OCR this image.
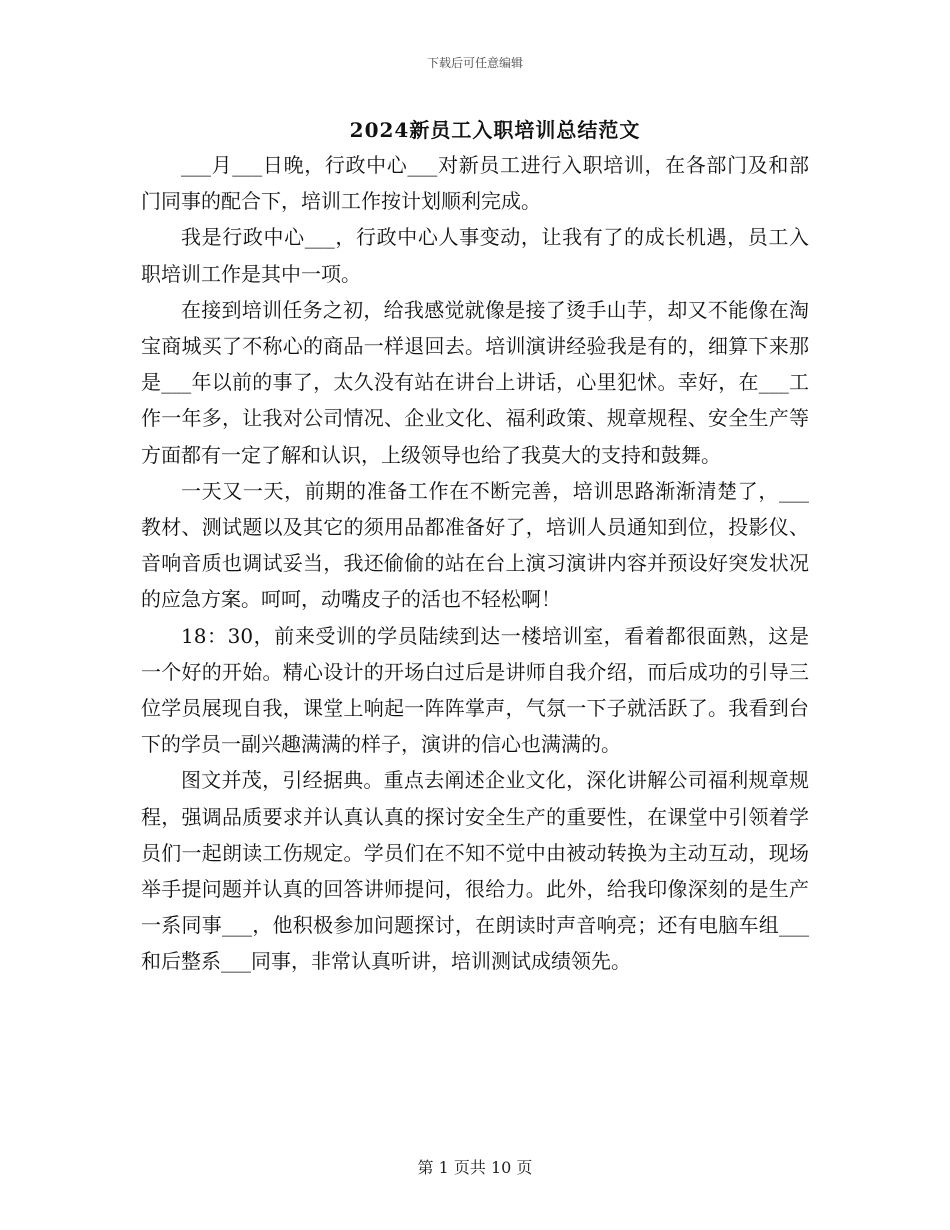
下载后可任意编辑
2024新员工入职培训总结范文

___月___日晚，行政中心___对新员工进行入职培训，在各部门及和部门同事的配合下，培训工作按计划顺利完成。

我是行政中心___，行政中心人事变动，让我有了的成长机遇，员工入职培训工作是其中一项。

在接到培训任务之初，给我感觉就像是接了烫手山芋，却又不能像在淘宝商城买了不称心的商品一样退回去。培训演讲经验我是有的，细算下来那是___年以前的事了，太久没有站在讲台上讲话，心里犯怵。幸好，在___工作一年多，让我对公司情况、企业文化、福利政策、规章规程、安全生产等方面都有一定了解和认识，上级领导也给了我莫大的支持和鼓舞。

一天又一天，前期的准备工作在不断完善，培训思路渐渐清楚了，___教材、测试题以及其它的须用品都准备好了，培训人员通知到位，投影仪、音响音质也调试妥当，我还偷偷的站在台上演习演讲内容并预设好突发状况的应急方案。呵呵，动嘴皮子的活也不轻松啊！

18：30，前来受训的学员陆续到达一楼培训室，看着都很面熟，这是一个好的开始。精心设计的开场白过后是讲师自我介绍，而后成功的引导三位学员展现自我，课堂上响起一阵阵掌声，气氛一下子就活跃了。我看到台下的学员一副兴趣满满的样子，演讲的信心也满满的。

图文并茂，引经据典。重点去阐述企业文化，深化讲解公司福利规章规程，强调品质要求并认真认真的探讨安全生产的重要性，在课堂中引领着学员们一起朗读工伤规定。学员们在不知不觉中由被动转换为主动互动，现场举手提问题并认真的回答讲师提问，很给力。此外，给我印像深刻的是生产一系同事___，他积极参加问题探讨，在朗读时声音响亮；还有电脑车组___和后整系___同事，非常认真听讲，培训测试成绩领先。

第 1 页共 10 页
